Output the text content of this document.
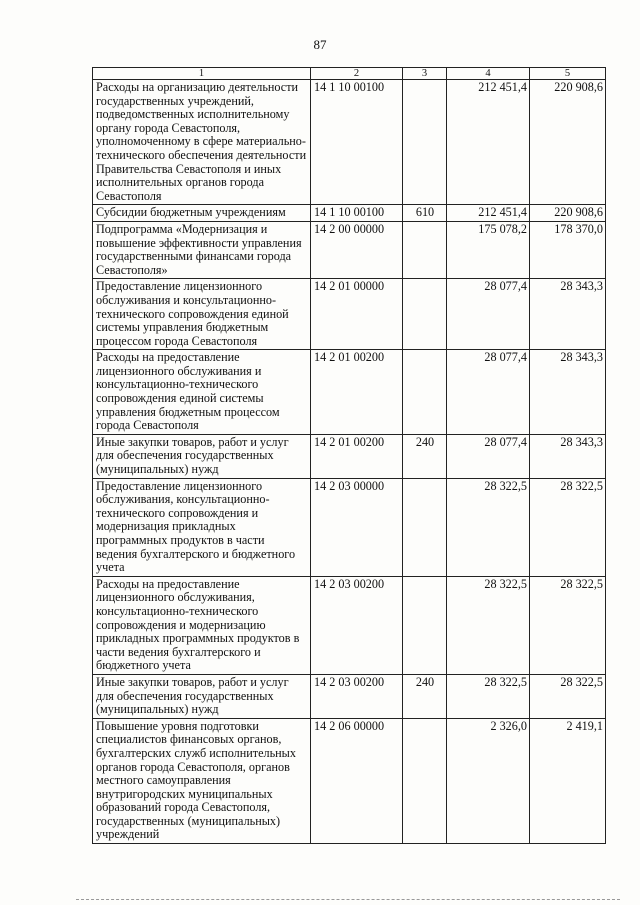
87
1	2	3	4	5
Расходы на организацию деятельности государственных учреждений, подведомственных исполнительному органу города Севастополя, уполномоченному в сфере материально-технического обеспечения деятельности Правительства Севастополя и иных исполнительных органов города Севастополя	14 1 10 00100		212 451,4	220 908,6
Субсидии бюджетным учреждениям	14 1 10 00100	610	212 451,4	220 908,6
Подпрограмма «Модернизация и повышение эффективности управления государственными финансами города Севастополя»	14 2 00 00000		175 078,2	178 370,0
Предоставление лицензионного обслуживания и консультационно-технического сопровождения единой системы управления бюджетным процессом города Севастополя	14 2 01 00000		28 077,4	28 343,3
Расходы на предоставление лицензионного обслуживания и консультационно-технического сопровождения единой системы управления бюджетным процессом города Севастополя	14 2 01 00200		28 077,4	28 343,3
Иные закупки товаров, работ и услуг для обеспечения государственных (муниципальных) нужд	14 2 01 00200	240	28 077,4	28 343,3
Предоставление лицензионного обслуживания, консультационно-технического сопровождения и модернизация прикладных программных продуктов в части ведения бухгалтерского и бюджетного учета	14 2 03 00000		28 322,5	28 322,5
Расходы на предоставление лицензионного обслуживания, консультационно-технического сопровождения и модернизацию прикладных программных продуктов в части ведения бухгалтерского и бюджетного учета	14 2 03 00200		28 322,5	28 322,5
Иные закупки товаров, работ и услуг для обеспечения государственных (муниципальных) нужд	14 2 03 00200	240	28 322,5	28 322,5
Повышение уровня подготовки специалистов финансовых органов, бухгалтерских служб исполнительных органов города Севастополя, органов местного самоуправления внутригородских муниципальных образований города Севастополя, государственных (муниципальных) учреждений	14 2 06 00000		2 326,0	2 419,1
